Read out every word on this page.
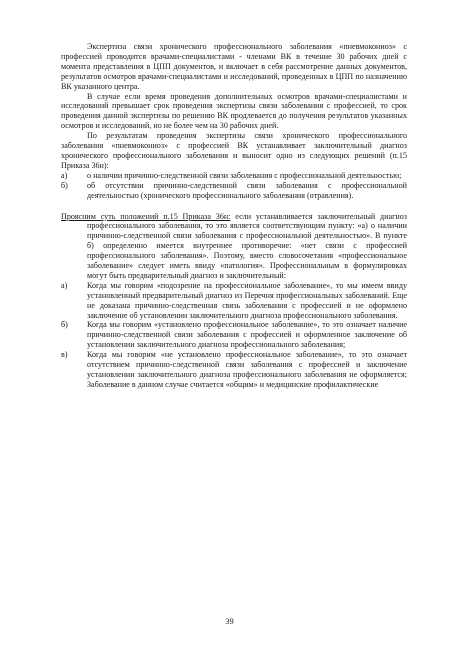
Экспертиза связи хронического профессионального заболевания «пневмокониоз» с профессией проводится врачами-специалистами - членами ВК в течение 30 рабочих дней с момента представления в ЦПП документов, и включает в себя рассмотрение данных документов, результатов осмотров врачами-специалистами и исследований, проведенных в ЦПП по назначению ВК указанного центра.

В случае если время проведения дополнительных осмотров врачами-специалистами и исследований превышает срок проведения экспертизы связи заболевания с профессией, то срок проведения данной экспертизы по решению ВК продлевается до получения результатов указанных осмотров и исследований, но не более чем на 30 рабочих дней.

По результатам проведения экспертизы связи хронического профессионального заболевания «пневмокониоз» с профессией ВК устанавливает заключительный диагноз хронического профессионального заболевания и выносит одно из следующих решений (п.15 Приказа 36н):

а) о наличии причинно-следственной связи заболевания с профессиональной деятельностью;
б) об отсутствии причинно-следственной связи заболевания с профессиональной деятельностью (хронического профессионального заболевания (отравления).

Проясним суть положений п.15 Приказа 36н: если устанавливается заключительный диагноз профессионального заболевания, то это является соответствующим пункту: «а) о наличии причинно-следственной связи заболевания с профессиональной деятельностью». В пункте б) определенно имеется внутреннее противоречие: «нет связи с профессией профессионального заболевания». Поэтому, вместо словосочетания «профессиональное заболевание» следует иметь ввиду «патология». Профессиональным в формулировках могут быть предварительный диагноз и заключительный:

а) Когда мы говорим «подозрение на профессиональное заболевание», то мы имеем ввиду установленный предварительный диагноз из Перечня профессиональных заболеваний. Еще не доказана причинно-следственная связь заболевания с профессией и не оформлено заключение об установлении заключительного диагноза профессионального заболевания.
б) Когда мы говорим «установлено профессиональное заболевание», то это означает наличие причинно-следственной связи заболевания с профессией и оформленное заключение об установлении заключительного диагноза профессионального заболевания;
в) Когда мы говорим «не установлено профессиональное заболевание», то это означает отсутствием причинно-следственной связи заболевания с профессией и заключение установлении заключительного диагноза профессионального заболевания не оформляется; Заболевание в данном случае считается «общим» и медицинские профилактические
39
